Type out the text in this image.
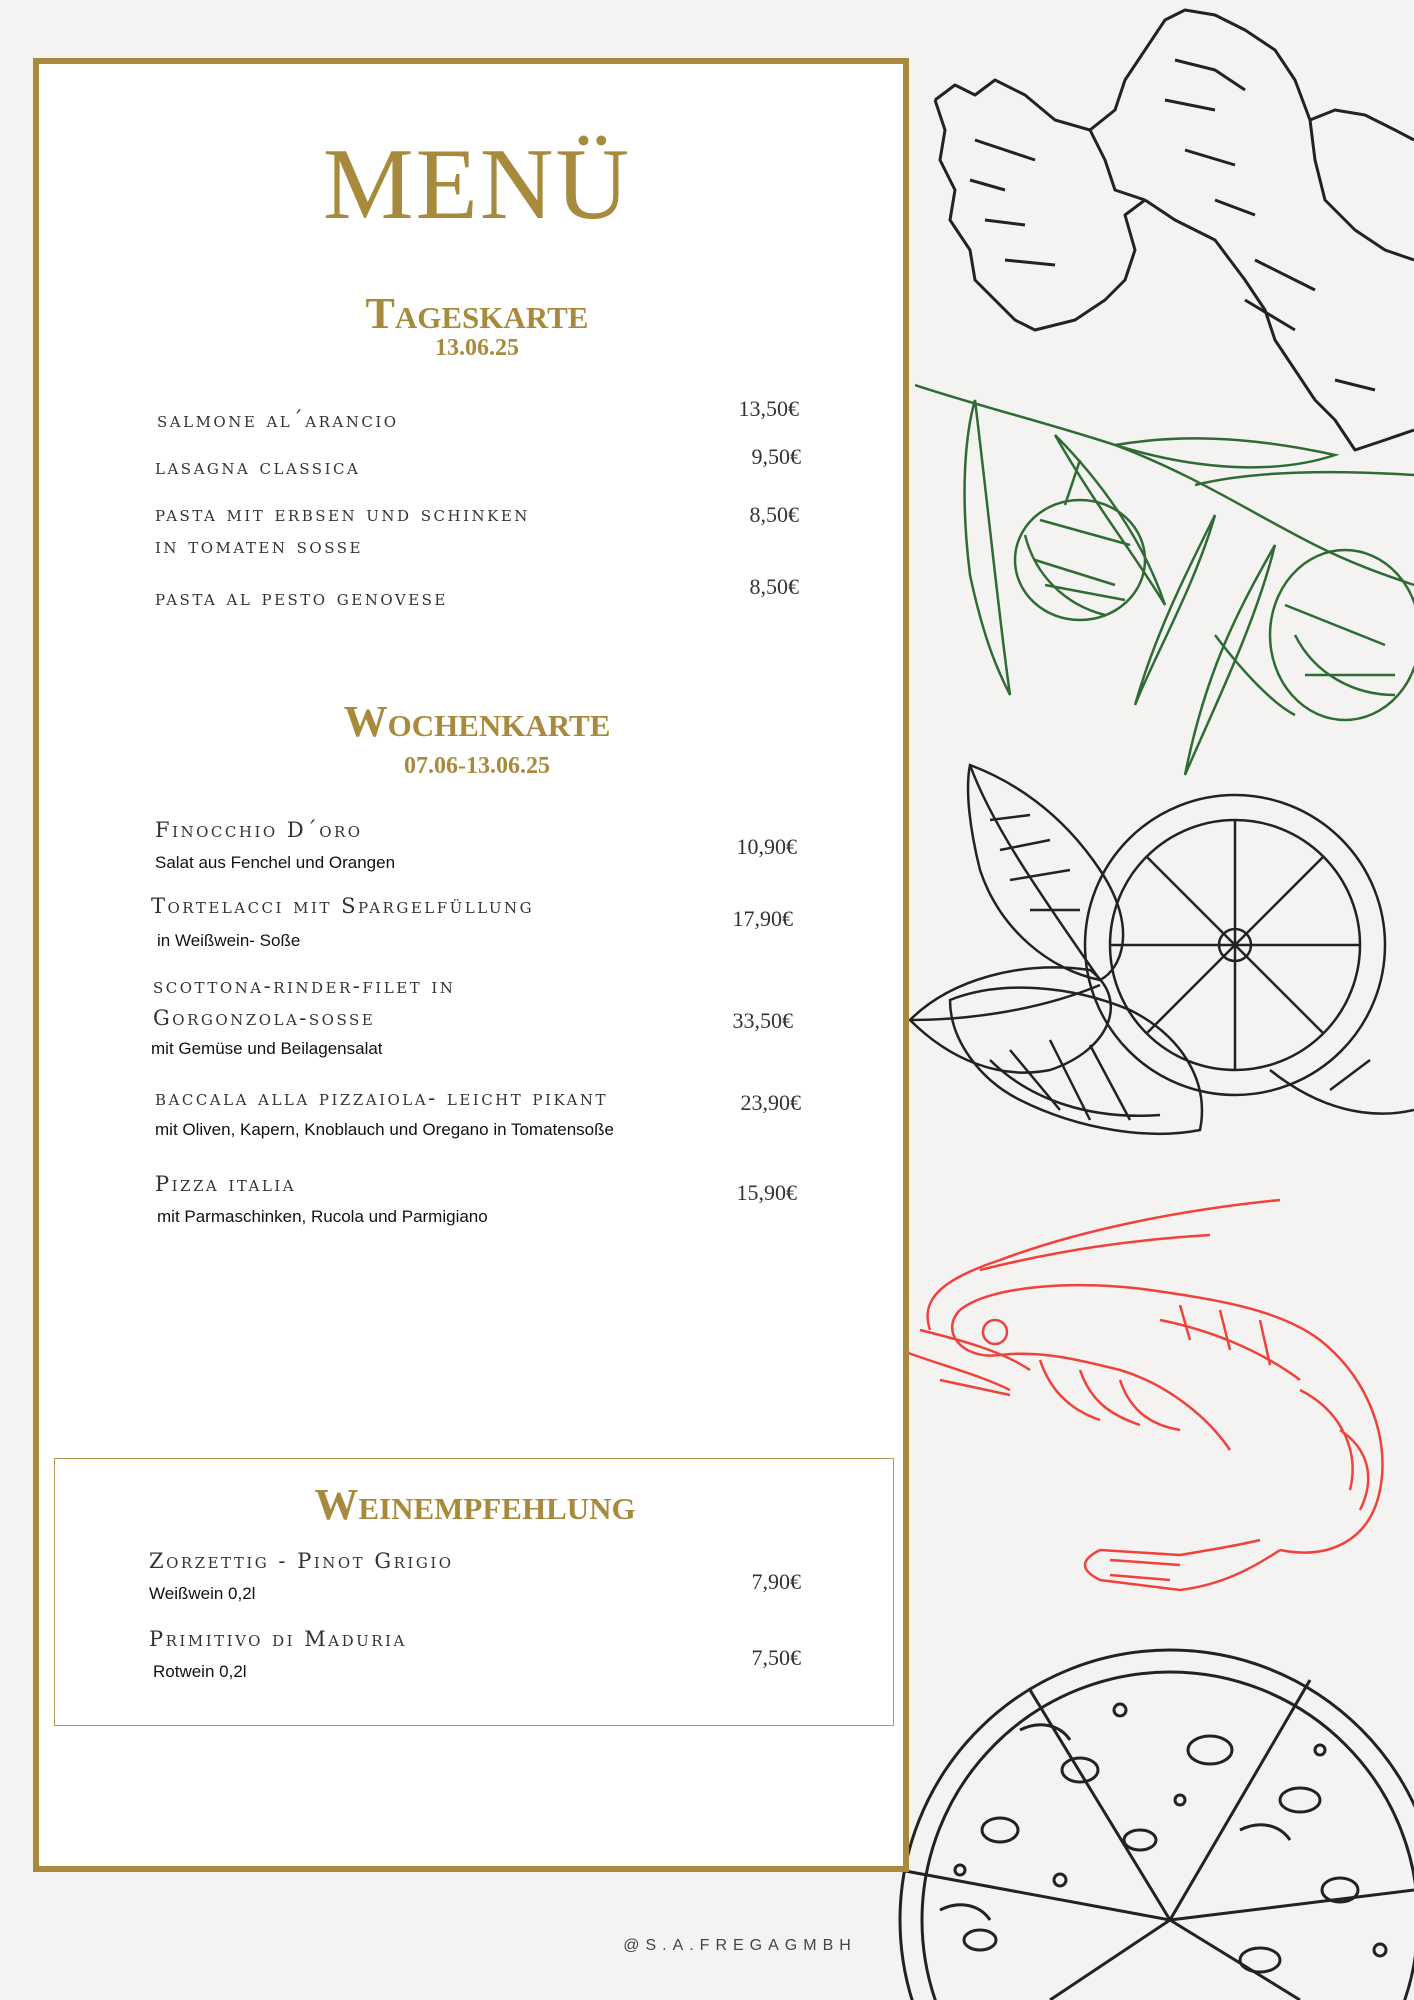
MENÜ
Tageskarte
13.06.25
salmone al´arancio	13,50€
lasagna classica	9,50€
pasta mit erbsen und schinken
in tomaten sosse
8,50€
pasta al pesto genovese	8,50€
Wochenkarte
07.06-13.06.25
Finocchio D´oro
Salat aus Fenchel und Orangen
10,90€
Tortelacci mit Spargelfüllung
in Weißwein- Soße
17,90€
scottona-rinder-filet in
Gorgonzola-sosse
mit Gemüse und Beilagensalat
33,50€
baccala alla pizzaiola- leicht pikant
mit Oliven, Kapern, Knoblauch und Oregano in Tomatensoße
23,90€
Pizza italia
mit Parmaschinken, Rucola und Parmigiano
15,90€
Weinempfehlung
Zorzettig - Pinot Grigio
Weißwein 0,2l	7,90€
Primitivo di Maduria
Rotwein 0,2l
7,50€
@S.A.FREGAGMBH
